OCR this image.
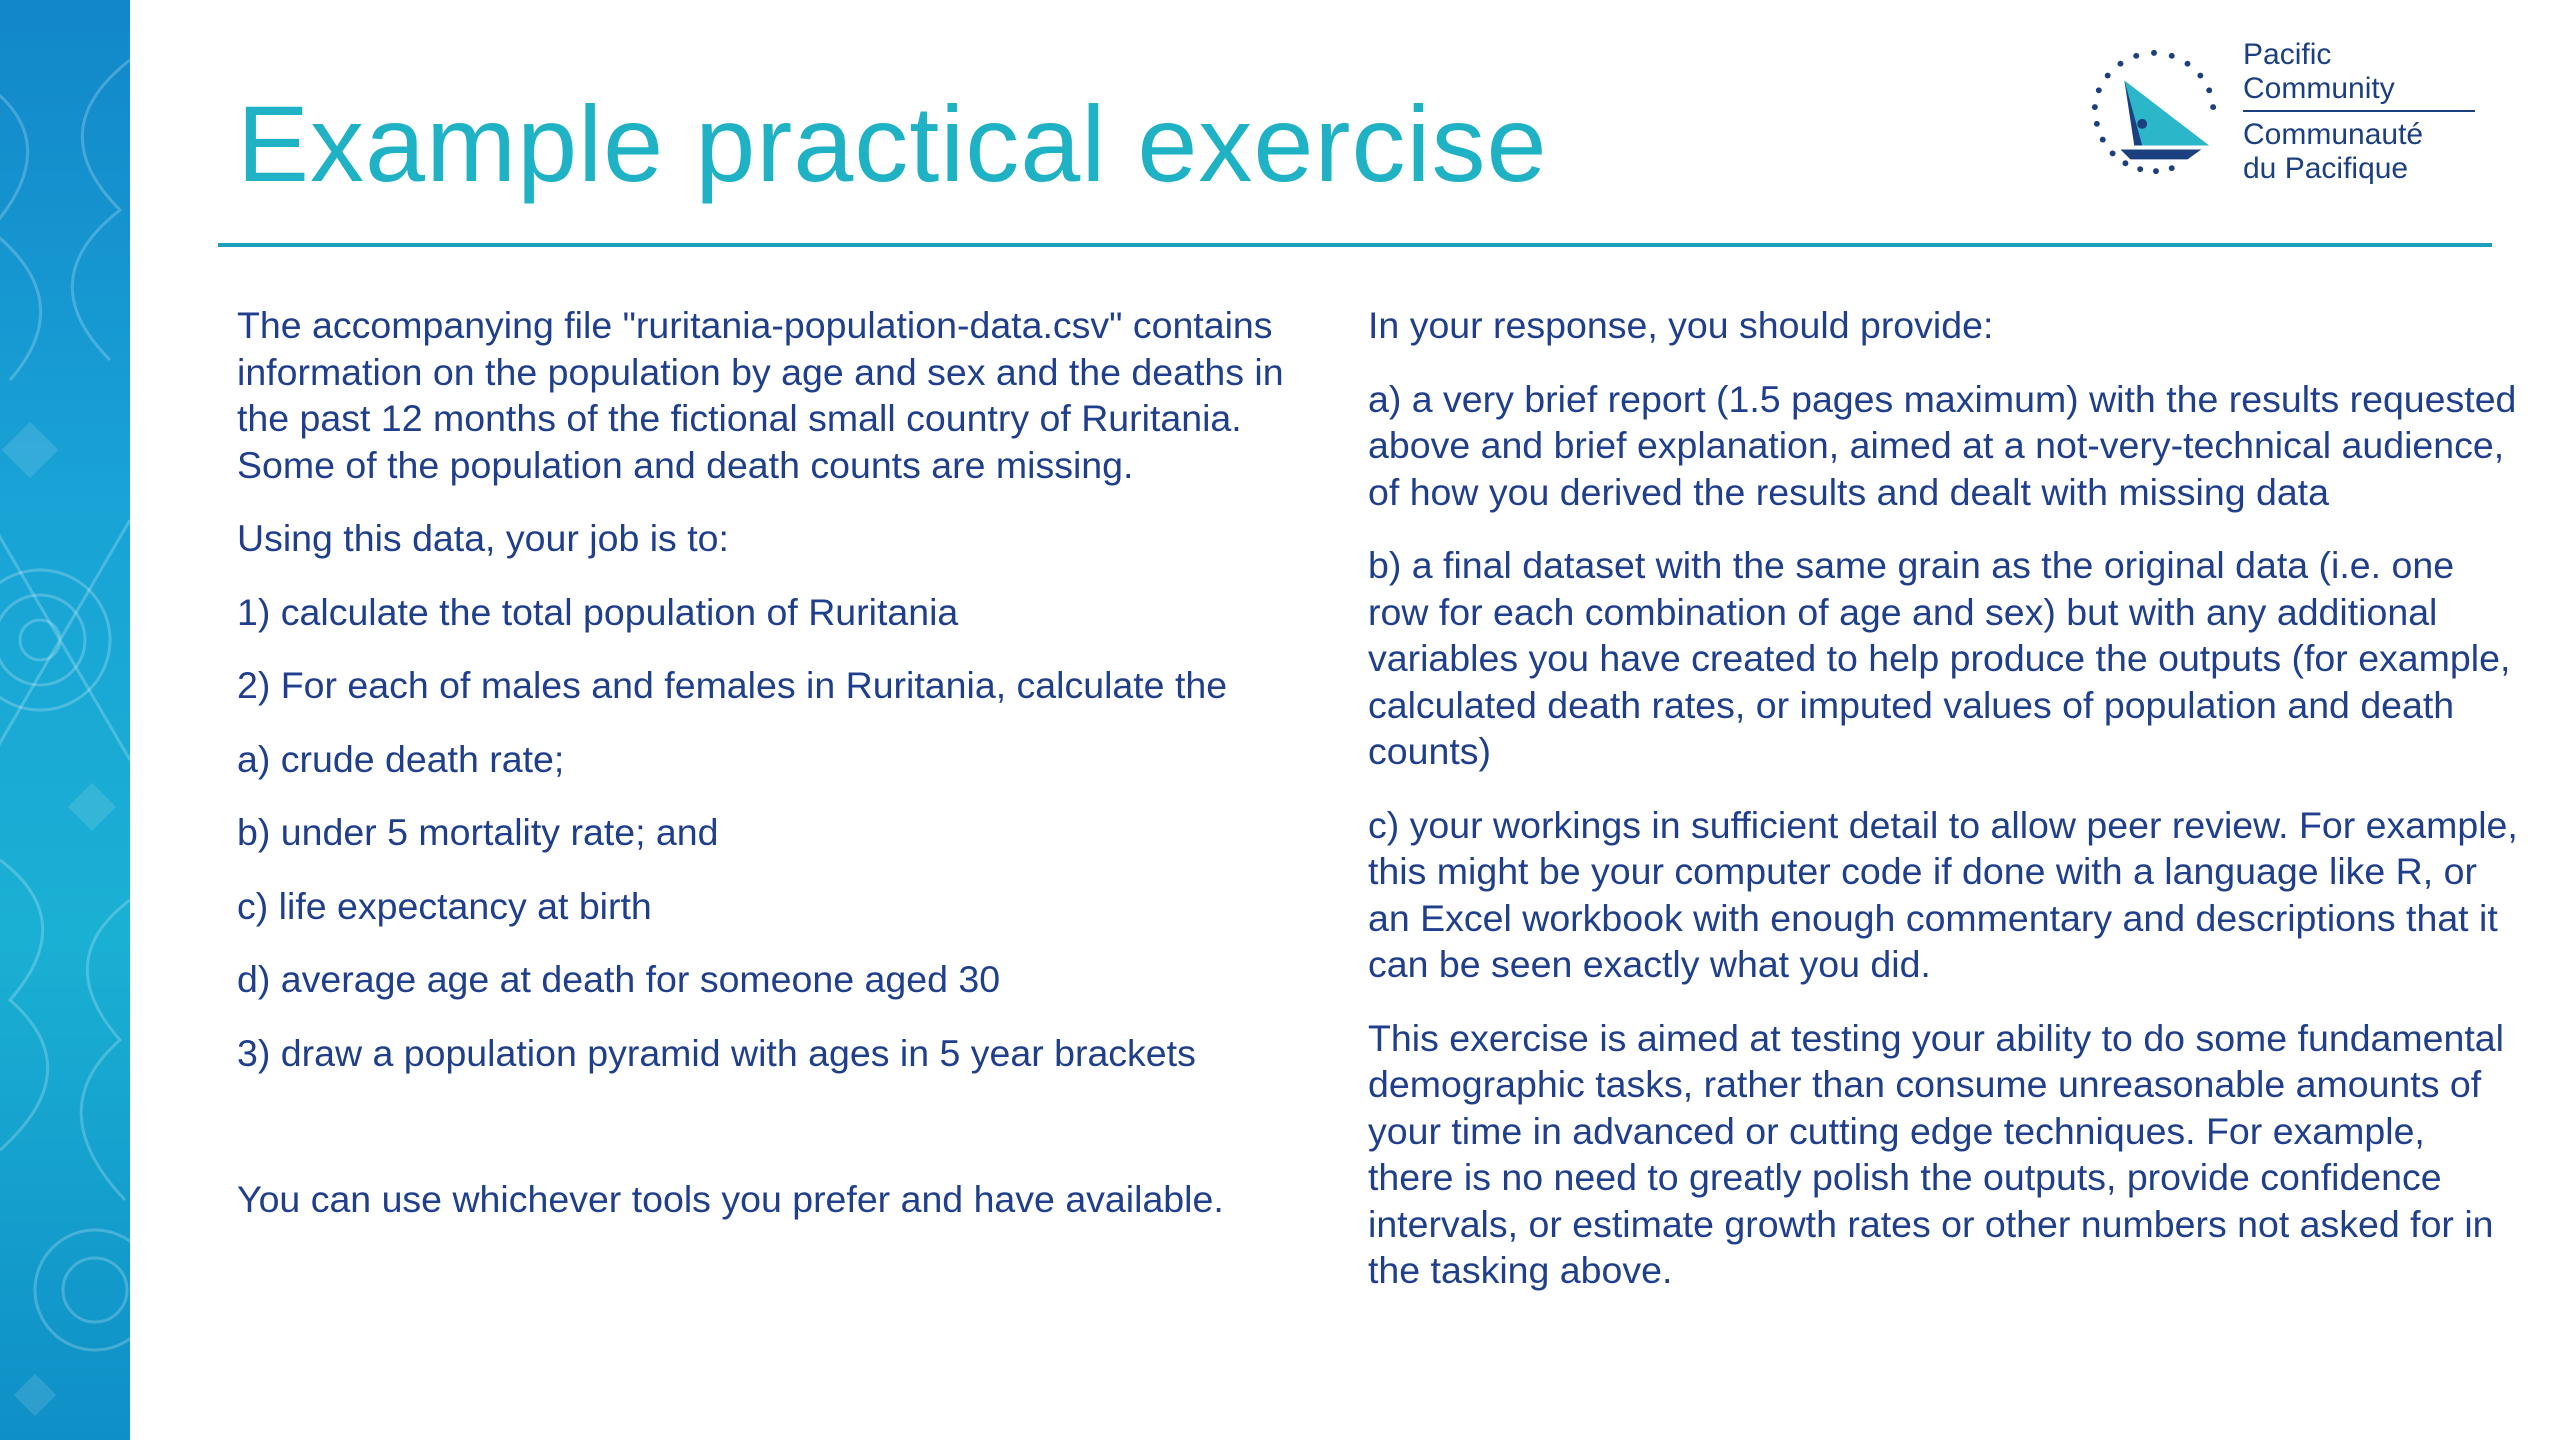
Example practical exercise
Pacific
Community
Communauté
du Pacifique

The accompanying file "ruritania-population-data.csv" contains information on the population by age and sex and the deaths in the past 12 months of the fictional small country of Ruritania. Some of the population and death counts are missing.

Using this data, your job is to:

1) calculate the total population of Ruritania

2) For each of males and females in Ruritania, calculate the

a) crude death rate;

b) under 5 mortality rate; and

c) life expectancy at birth

d) average age at death for someone aged 30

3) draw a population pyramid with ages in 5 year brackets

You can use whichever tools you prefer and have available.

In your response, you should provide:

a) a very brief report (1.5 pages maximum) with the results requested above and brief explanation, aimed at a not-very-technical audience, of how you derived the results and dealt with missing data

b) a final dataset with the same grain as the original data (i.e. one row for each combination of age and sex) but with any additional variables you have created to help produce the outputs (for example, calculated death rates, or imputed values of population and death counts)

c) your workings in sufficient detail to allow peer review. For example, this might be your computer code if done with a language like R, or an Excel workbook with enough commentary and descriptions that it can be seen exactly what you did.

This exercise is aimed at testing your ability to do some fundamental demographic tasks, rather than consume unreasonable amounts of your time in advanced or cutting edge techniques. For example, there is no need to greatly polish the outputs, provide confidence intervals, or estimate growth rates or other numbers not asked for in the tasking above.
